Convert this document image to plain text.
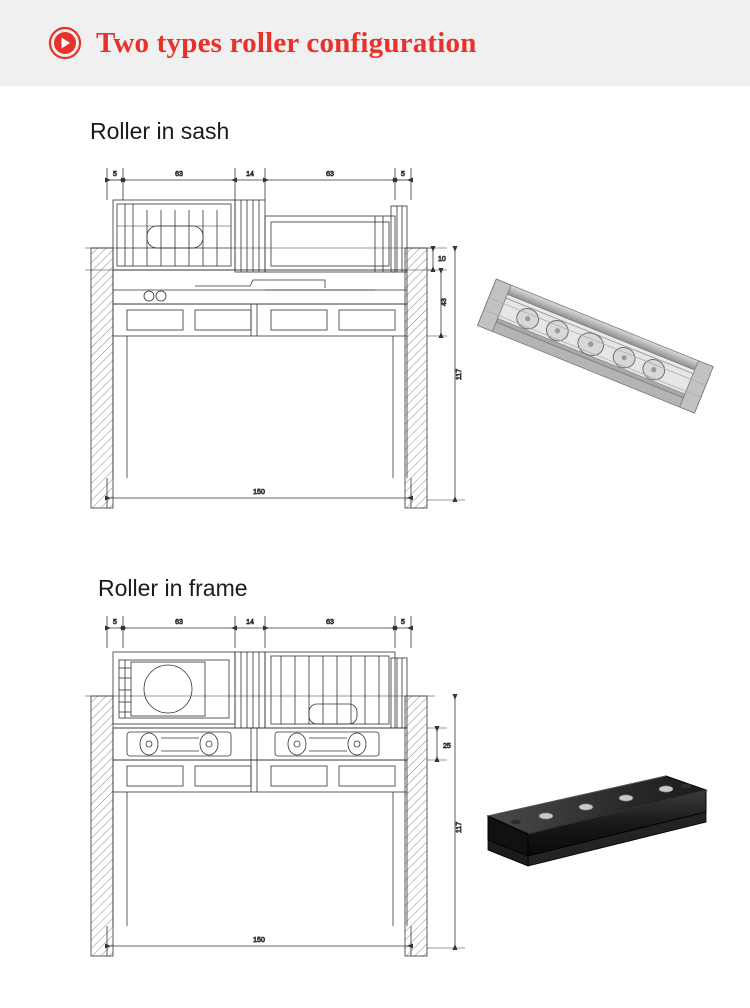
Two types roller configuration
Roller in sash
5	63	14	63	5
10
43
117
150
Roller in frame
5	63	14	63	5
25
117
150
